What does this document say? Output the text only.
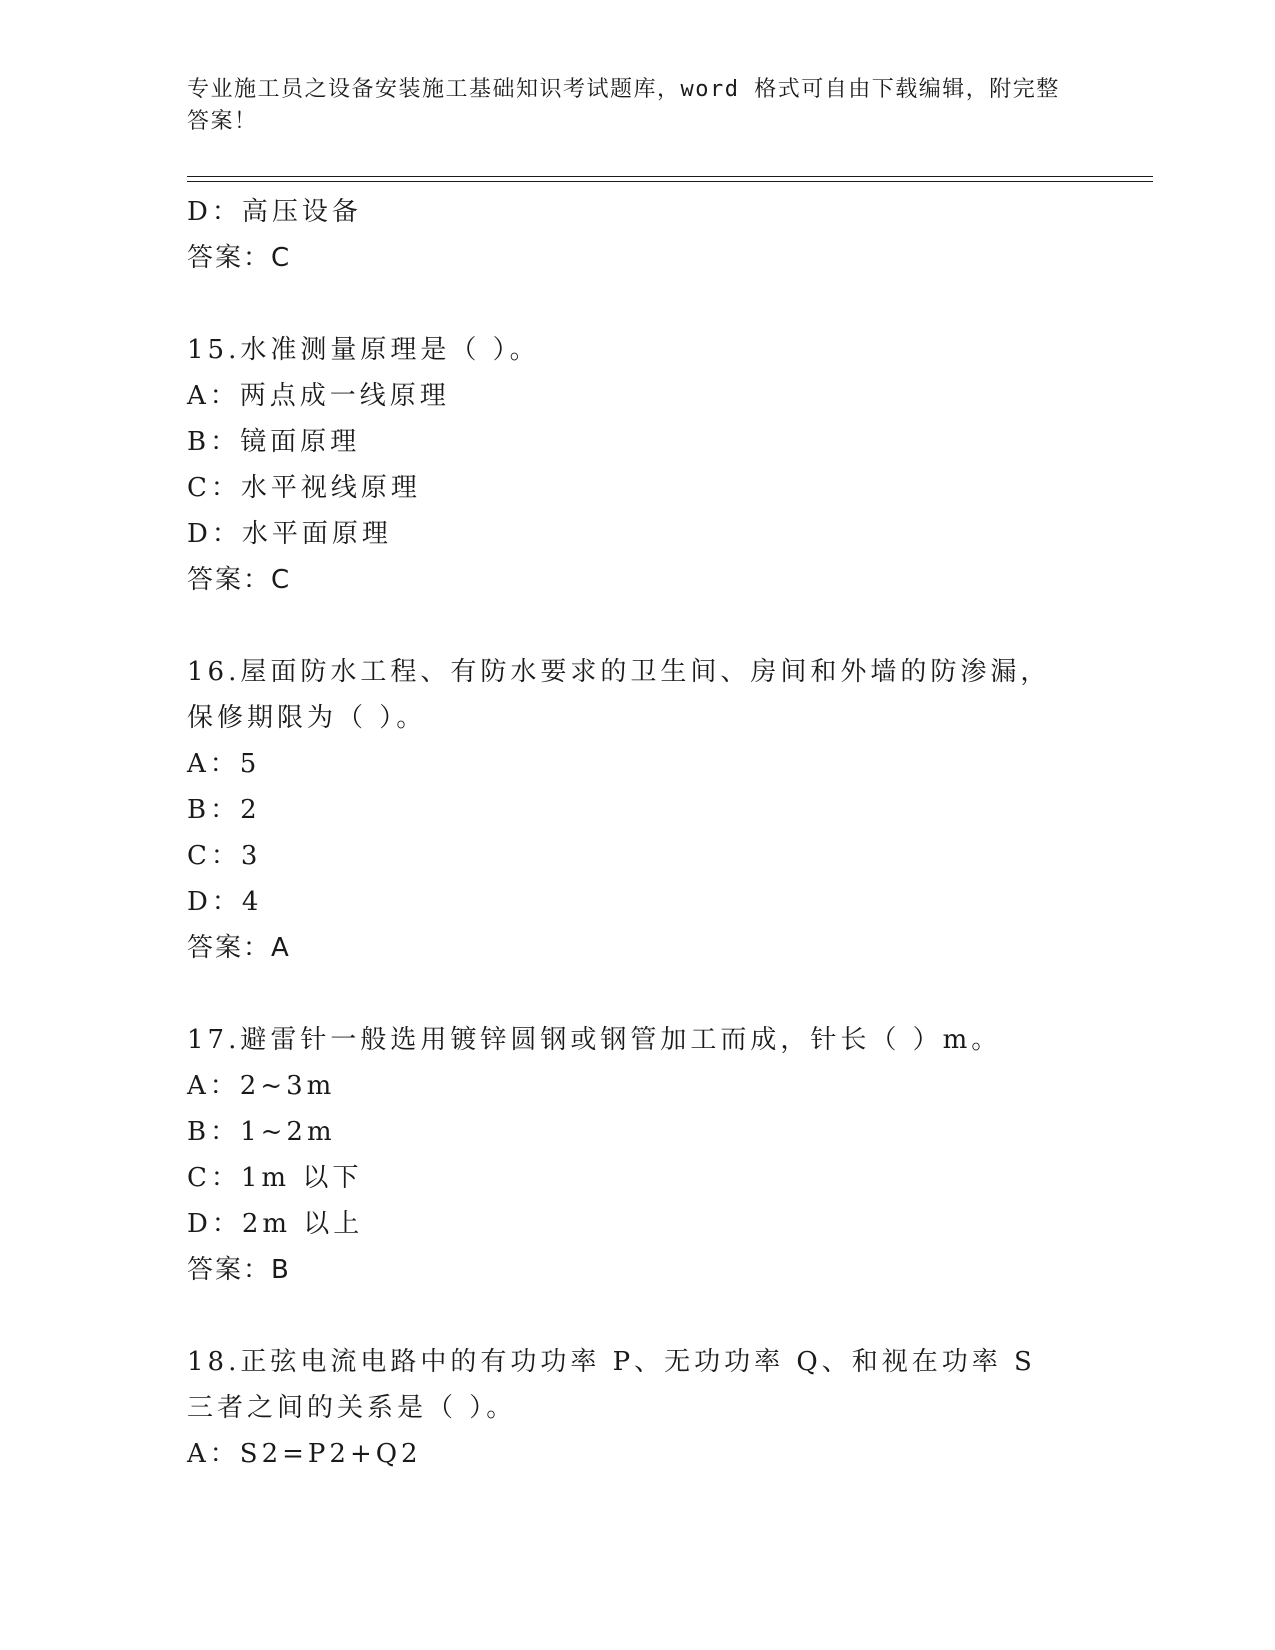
专业施工员之设备安装施工基础知识考试题库，word 格式可自由下载编辑，附完整答案！
D：高压设备
答案：C
15.水准测量原理是（ ）。
A：两点成一线原理
B：镜面原理
C：水平视线原理
D：水平面原理
答案：C
16.屋面防水工程、有防水要求的卫生间、房间和外墙的防渗漏，保修期限为（ ）。
A：5
B：2
C：3
D：4
答案：A
17.避雷针一般选用镀锌圆钢或钢管加工而成，针长（ ）m。
A：2~3m
B：1~2m
C：1m 以下
D：2m 以上
答案：B
18.正弦电流电路中的有功功率 P、无功功率 Q、和视在功率 S 三者之间的关系是（ ）。
A：S2=P2+Q2
